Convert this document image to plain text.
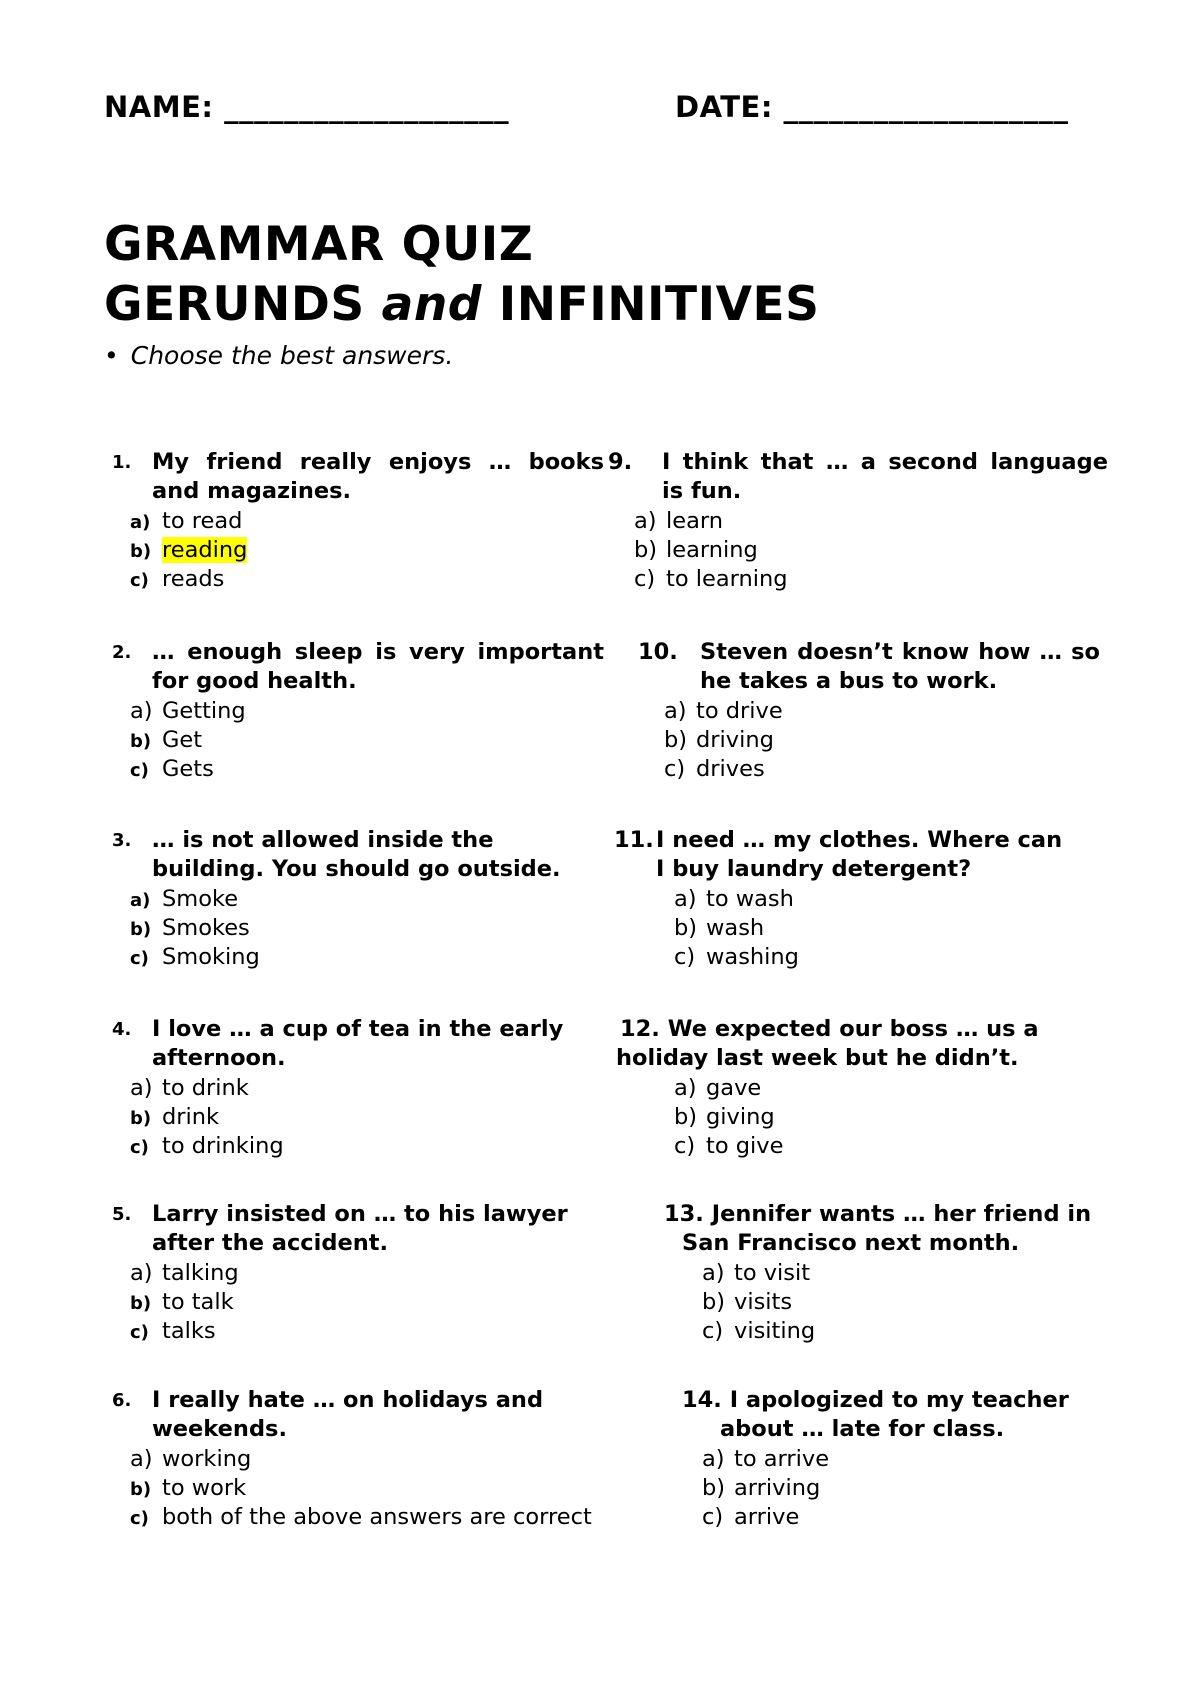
NAME: ___________________	DATE: ___________________
GRAMMAR QUIZ
GERUNDS and INFINITIVES
• Choose the best answers.
1. My friend really enjoys … books and magazines.
a) to read
b) reading
c) reads
2. … enough sleep is very important for good health.
a) Getting
b) Get
c) Gets
3. … is not allowed inside the building. You should go outside.
a) Smoke
b) Smokes
c) Smoking
4. I love … a cup of tea in the early afternoon.
a) to drink
b) drink
c) to drinking
5. Larry insisted on … to his lawyer after the accident.
a) talking
b) to talk
c) talks
6. I really hate … on holidays and weekends.
a) working
b) to work
c) both of the above answers are correct
9. I think that … a second language is fun.
a) learn
b) learning
c) to learning
10. Steven doesn’t know how … so he takes a bus to work.
a) to drive
b) driving
c) drives
11. I need … my clothes. Where can I buy laundry detergent?
a) to wash
b) wash
c) washing
12. We expected our boss … us a holiday last week but he didn’t.
a) gave
b) giving
c) to give
13. Jennifer wants … her friend in San Francisco next month.
a) to visit
b) visits
c) visiting
14. I apologized to my teacher about … late for class.
a) to arrive
b) arriving
c) arrive
